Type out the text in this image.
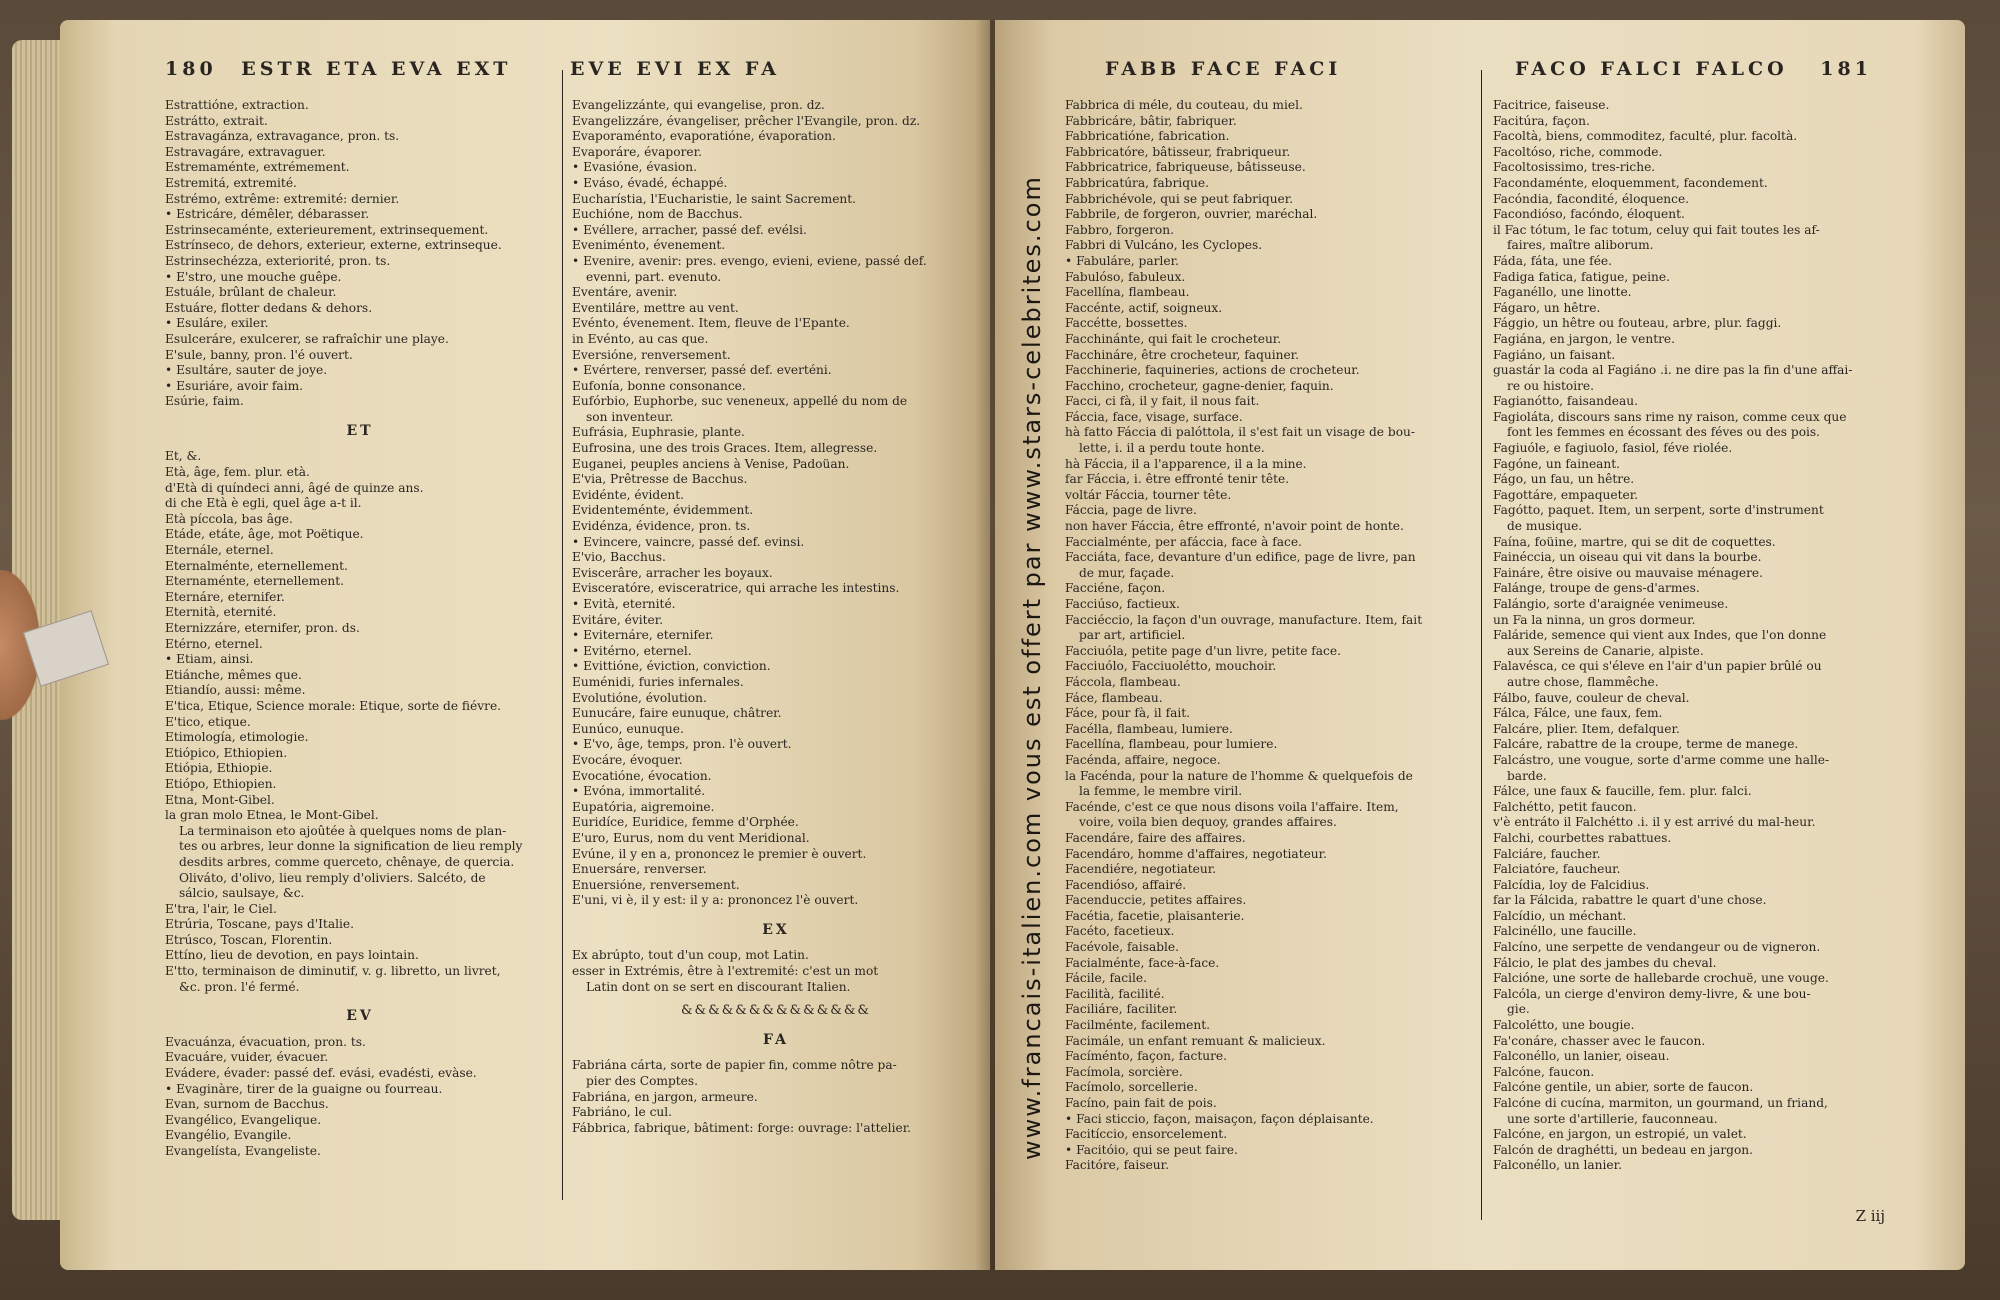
180 ESTR ETA EVA EXT	EVE EVI EX FA
Estrattióne, extraction.
Estrátto, extrait.
Estravagánza, extravagance, pron. ts.
Estravagáre, extravaguer.
Estremaménte, extrémement.
Estremitá, extremité.
Estrémo, extrême: extremité: dernier.
• Estricáre, démêler, débarasser.
Estrinsecaménte, exterieurement, extrinsequement.
Estrínseco, de dehors, exterieur, externe, extrinseque.
Estrinsechézza, exteriorité, pron. ts.
• E'stro, une mouche guêpe.
Estuále, brûlant de chaleur.
Estuáre, flotter dedans & dehors.
• Esuláre, exiler.
Esulceráre, exulcerer, se rafraîchir une playe.
E'sule, banny, pron. l'é ouvert.
• Esultáre, sauter de joye.
• Esuriáre, avoir faim.
Esúrie, faim.
ET
Et, &.
Età, âge, fem. plur. età.
d'Età di quíndeci anni, âgé de quinze ans.
di che Età è egli, quel âge a-t il.
Età píccola, bas âge.
Etáde, etáte, âge, mot Poëtique.
Eternále, eternel.
Eternalménte, eternellement.
Eternaménte, eternellement.
Eternáre, eternifer.
Eternità, eternité.
Eternizzáre, eternifer, pron. ds.
Etérno, eternel.
• Etiam, ainsi.
Etiánche, mêmes que.
Etiandío, aussi: même.
E'tica, Etique, Science morale: Etique, sorte de fiévre.
E'tico, etique.
Etimología, etimologie.
Etiópico, Ethiopien.
Etiópia, Ethiopie.
Etiópo, Ethiopien.
Etna, Mont-Gibel.
la gran molo Etnea, le Mont-Gibel.
La terminaison eto ajoûtée à quelques noms de plan-
tes ou arbres, leur donne la signification de lieu remply
desdits arbres, comme querceto, chênaye, de quercia.
Oliváto, d'olivo, lieu remply d'oliviers. Salcéto, de
sálcio, saulsaye, &c.
E'tra, l'air, le Ciel.
Etrúria, Toscane, pays d'Italie.
Etrúsco, Toscan, Florentin.
Ettíno, lieu de devotion, en pays lointain.
E'tto, terminaison de diminutif, v. g. libretto, un livret,
&c. pron. l'é fermé.
EV
Evacuánza, évacuation, pron. ts.
Evacuáre, vuider, évacuer.
Evádere, évader: passé def. evási, evadésti, evàse.
• Evaginàre, tirer de la guaigne ou fourreau.
Evan, surnom de Bacchus.
Evangélico, Evangelique.
Evangélio, Evangile.
Evangelísta, Evangeliste.
Evangelizzánte, qui evangelise, pron. dz.
Evangelizzáre, évangeliser, prêcher l'Evangile, pron. dz.
Evaporaménto, evaporatióne, évaporation.
Evaporáre, évaporer.
• Evasióne, évasion.
• Eváso, évadé, échappé.
Eucharístia, l'Eucharistie, le saint Sacrement.
Euchióne, nom de Bacchus.
• Evéllere, arracher, passé def. evélsi.
Eveniménto, évenement.
• Evenire, avenir: pres. evengo, evieni, eviene, passé def.
evenni, part. evenuto.
Eventáre, avenir.
Eventiláre, mettre au vent.
Evénto, évenement. Item, fleuve de l'Epante.
in Evénto, au cas que.
Eversióne, renversement.
• Evértere, renverser, passé def. everténi.
Eufonía, bonne consonance.
Eufórbio, Euphorbe, suc veneneux, appellé du nom de
son inventeur.
Eufrásia, Euphrasie, plante.
Eufrosina, une des trois Graces. Item, allegresse.
Euganei, peuples anciens à Venise, Padoüan.
E'via, Prêtresse de Bacchus.
Evidénte, évident.
Evidenteménte, évidemment.
Evidénza, évidence, pron. ts.
• Evincere, vaincre, passé def. evinsi.
E'vio, Bacchus.
Eviscerâre, arracher les boyaux.
Evisceratóre, evisceratrice, qui arrache les intestins.
• Evità, eternité.
Evitáre, éviter.
• Eviternáre, eternifer.
• Evitérno, eternel.
• Evittióne, éviction, conviction.
Euménidi, furies infernales.
Evolutióne, évolution.
Eunucáre, faire eunuque, châtrer.
Eunúco, eunuque.
• E'vo, âge, temps, pron. l'è ouvert.
Evocáre, évoquer.
Evocatióne, évocation.
• Evóna, immortalité.
Eupatória, aigremoine.
Euridíce, Euridice, femme d'Orphée.
E'uro, Eurus, nom du vent Meridional.
Evúne, il y en a, prononcez le premier è ouvert.
Enuersáre, renverser.
Enuersióne, renversement.
E'uni, vi è, il y est: il y a: prononcez l'è ouvert.
EX
Ex abrúpto, tout d'un coup, mot Latin.
esser in Extrémis, être à l'extremité: c'est un mot
Latin dont on se sert en discourant Italien.
&&&&&&&&&&&&&&
FA
Fabriána cárta, sorte de papier fin, comme nôtre pa-
pier des Comptes.
Fabriána, en jargon, armeure.
Fabriáno, le cul.
Fábbrica, fabrique, bâtiment: forge: ouvrage: l'attelier.
FABB FACE FACI	FACO FALCI FALCO 181
Fabbrica di méle, du couteau, du miel.
Fabbricáre, bâtir, fabriquer.
Fabbricatióne, fabrication.
Fabbricatóre, bâtisseur, frabriqueur.
Fabbricatrice, fabriqueuse, bâtisseuse.
Fabbricatúra, fabrique.
Fabbrichévole, qui se peut fabriquer.
Fabbrile, de forgeron, ouvrier, maréchal.
Fabbro, forgeron.
Fabbri di Vulcáno, les Cyclopes.
• Fabuláre, parler.
Fabulóso, fabuleux.
Facellína, flambeau.
Faccénte, actif, soigneux.
Faccétte, bossettes.
Facchinánte, qui fait le crocheteur.
Facchináre, être crocheteur, faquiner.
Facchinerie, faquineries, actions de crocheteur.
Facchino, crocheteur, gagne-denier, faquin.
Facci, ci fà, il y fait, il nous fait.
Fáccia, face, visage, surface.
hà fatto Fáccia di palóttola, il s'est fait un visage de bou-
lette, i. il a perdu toute honte.
hà Fáccia, il a l'apparence, il a la mine.
far Fáccia, i. être effronté tenir tête.
voltár Fáccia, tourner tête.
Fáccia, page de livre.
non haver Fáccia, être effronté, n'avoir point de honte.
Faccialménte, per afáccia, face à face.
Facciáta, face, devanture d'un edifice, page de livre, pan
de mur, façade.
Facciéne, façon.
Facciúso, factieux.
Facciéccio, la façon d'un ouvrage, manufacture. Item, fait
par art, artificiel.
Facciuóla, petite page d'un livre, petite face.
Facciuólo, Facciuolétto, mouchoir.
Fáccola, flambeau.
Fáce, flambeau.
Fáce, pour fà, il fait.
Facélla, flambeau, lumiere.
Facellína, flambeau, pour lumiere.
Facénda, affaire, negoce.
la Facénda, pour la nature de l'homme & quelquefois de
la femme, le membre viril.
Facénde, c'est ce que nous disons voila l'affaire. Item,
voire, voila bien dequoy, grandes affaires.
Facendáre, faire des affaires.
Facendáro, homme d'affaires, negotiateur.
Facendiére, negotiateur.
Facendióso, affairé.
Facenduccie, petites affaires.
Facétia, facetie, plaisanterie.
Facéto, facetieux.
Facévole, faisable.
Facialménte, face-à-face.
Fácile, facile.
Facilità, facilité.
Faciliáre, faciliter.
Facilménte, facilement.
Facimále, un enfant remuant & malicieux.
Facíménto, façon, facture.
Facímola, sorcière.
Facímolo, sorcellerie.
Facíno, pain fait de pois.
• Faci sticcio, façon, maisaçon, façon déplaisante.
Facitíccio, ensorcelement.
• Facitóio, qui se peut faire.
Facitóre, faiseur.
Facitrice, faiseuse.
Facitúra, façon.
Facoltà, biens, commoditez, faculté, plur. facoltà.
Facoltóso, riche, commode.
Facoltosissimo, tres-riche.
Facondaménte, eloquemment, facondement.
Facóndia, facondité, éloquence.
Facondióso, facóndo, éloquent.
il Fac tótum, le fac totum, celuy qui fait toutes les af-
faires, maître aliborum.
Fáda, fáta, une fée.
Fadiga fatica, fatigue, peine.
Faganéllo, une linotte.
Fágaro, un hêtre.
Fággio, un hêtre ou fouteau, arbre, plur. faggi.
Fagiána, en jargon, le ventre.
Fagiáno, un faisant.
guastár la coda al Fagiáno .i. ne dire pas la fin d'une affai-
re ou histoire.
Fagianótto, faisandeau.
Fagioláta, discours sans rime ny raison, comme ceux que
font les femmes en écossant des féves ou des pois.
Fagiuóle, e fagiuolo, fasiol, féve riolée.
Fagóne, un faineant.
Fágo, un fau, un hêtre.
Fagottáre, empaqueter.
Fagótto, paquet. Item, un serpent, sorte d'instrument
de musique.
Faína, foüine, martre, qui se dit de coquettes.
Fainéccia, un oiseau qui vit dans la bourbe.
Faináre, être oisive ou mauvaise ménagere.
Falánge, troupe de gens-d'armes.
Falángio, sorte d'araignée venimeuse.
un Fa la ninna, un gros dormeur.
Faláride, semence qui vient aux Indes, que l'on donne
aux Sereins de Canarie, alpiste.
Falavésca, ce qui s'éleve en l'air d'un papier brûlé ou
autre chose, flammêche.
Fálbo, fauve, couleur de cheval.
Fálca, Fálce, une faux, fem.
Falcáre, plier. Item, defalquer.
Falcáre, rabattre de la croupe, terme de manege.
Falcástro, une vougue, sorte d'arme comme une halle-
barde.
Fálce, une faux & faucille, fem. plur. falci.
Falchétto, petit faucon.
v'è entráto il Falchétto .i. il y est arrivé du mal-heur.
Falchi, courbettes rabattues.
Falciáre, faucher.
Falciatóre, faucheur.
Falcídia, loy de Falcidius.
far la Fálcida, rabattre le quart d'une chose.
Falcídio, un méchant.
Falcinéllo, une faucille.
Falcíno, une serpette de vendangeur ou de vigneron.
Fálcio, le plat des jambes du cheval.
Falcióne, une sorte de hallebarde crochuë, une vouge.
Falcóla, un cierge d'environ demy-livre, & une bou-
gie.
Falcolétto, une bougie.
Fa'conáre, chasser avec le faucon.
Falconéllo, un lanier, oiseau.
Falcóne, faucon.
Falcóne gentile, un abier, sorte de faucon.
Falcóne di cucína, marmiton, un gourmand, un friand,
une sorte d'artillerie, fauconneau.
Falcóne, en jargon, un estropié, un valet.
Falcón de draghétti, un bedeau en jargon.
Falconéllo, un lanier.
Z iij
www.francais-italien.com vous est offert par www.stars-celebrites.com
